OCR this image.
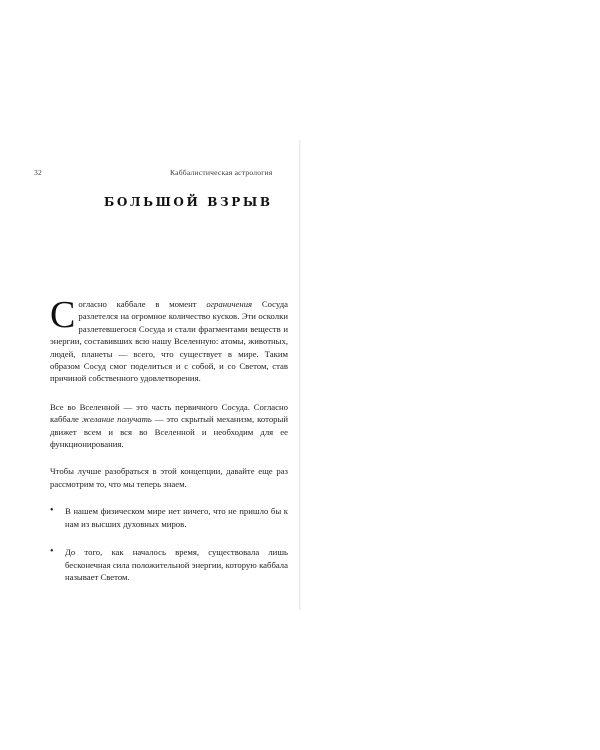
32	Каббалистическая астрология
БОЛЬШОЙ ВЗРЫВ

С огласно каббале в момент ограничения Сосуда разлетелся на огромное количество кусков. Эти осколки разлетевшегося Сосуда и стали фрагментами веществ и энергии, составивших всю нашу Вселенную: атомы, животных, людей, планеты — всего, что существует в мире. Таким образом Сосуд смог поделиться и с собой, и со Светом, став причиной собственного удовлетворения.

Все во Вселенной — это часть первичного Сосуда. Согласно каббале желание получать — это скрытый механизм, который движет всем и вся во Вселенной и необходим для ее функционирования.

Чтобы лучше разобраться в этой концепции, давайте еще раз рассмотрим то, что мы теперь знаем.

• В нашем физическом мире нет ничего, что не пришло бы к нам из высших духовных миров.
• До того, как началось время, существовала лишь бесконечная сила положительной энергии, которую каббала называет Светом.
